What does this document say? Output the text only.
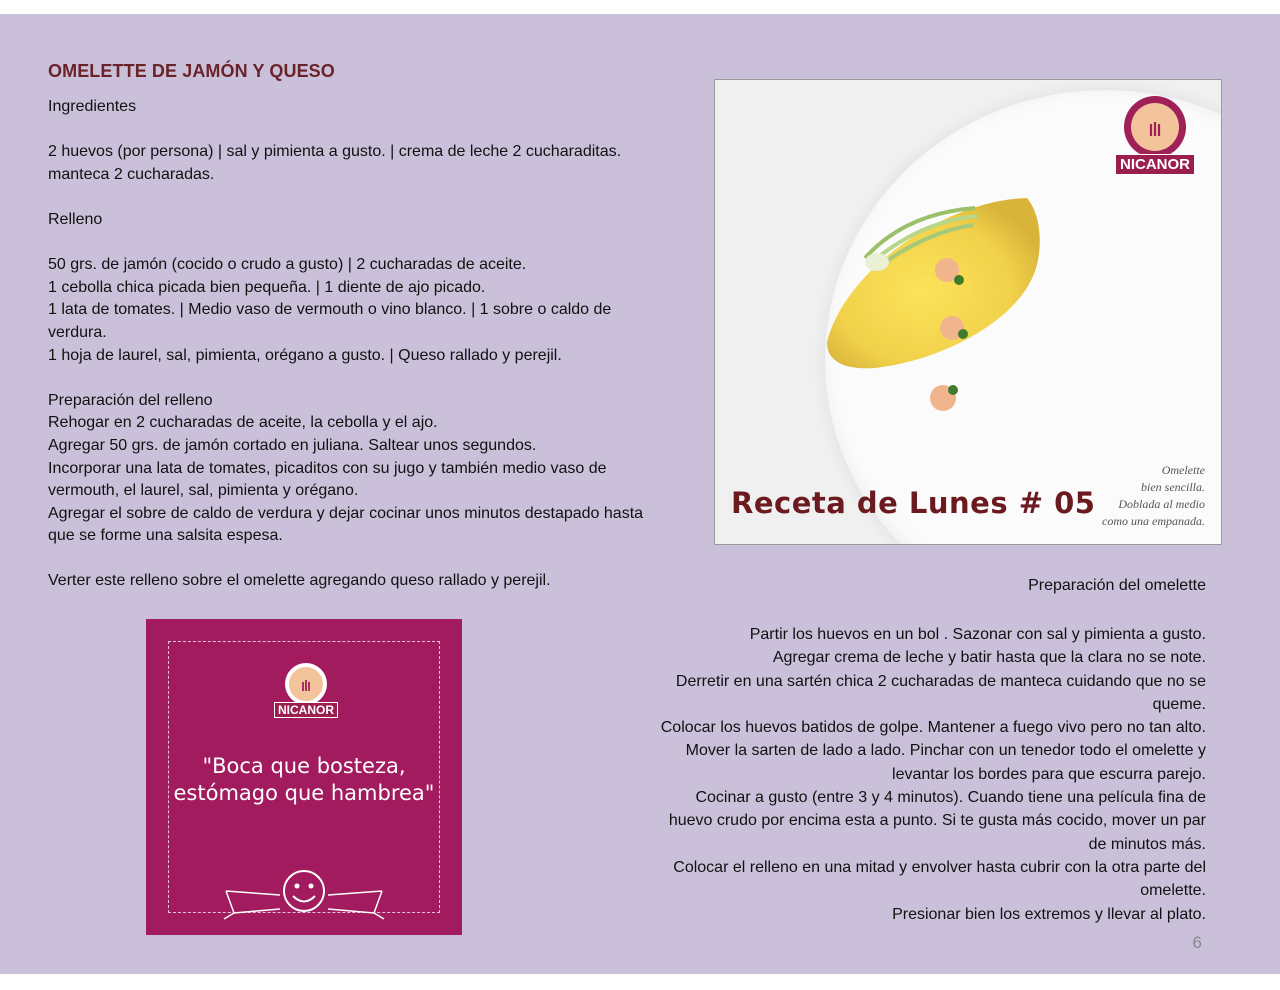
OMELETTE DE JAMÓN Y QUESO

Ingredientes

2 huevos (por persona) | sal y pimienta a gusto. | crema de leche 2 cucharaditas.

manteca 2 cucharadas.

Relleno

50 grs. de jamón (cocido o crudo a gusto) | 2 cucharadas de aceite.

1 cebolla chica picada bien pequeña. | 1 diente de ajo picado.

1 lata de tomates. | Medio vaso de vermouth o vino blanco. | 1 sobre o caldo de

verdura.

1 hoja de laurel, sal, pimienta, orégano a gusto. | Queso rallado y perejil.

Preparación del relleno

Rehogar en 2 cucharadas de aceite, la cebolla y el ajo.

Agregar 50 grs. de jamón cortado en juliana. Saltear unos segundos.

Incorporar una lata de tomates, picaditos con su jugo y también medio vaso de

vermouth, el laurel, sal, pimienta y orégano.

Agregar el sobre de caldo de verdura y dejar cocinar unos minutos destapado hasta

que se forme una salsita espesa.

Verter este relleno sobre el omelette agregando queso rallado y perejil.

NICANOR
Omelette
bien sencilla.
Doblada al medio
como una empanada.
Receta de Lunes # 05
NICANOR
"Boca que bosteza,
estómago que hambrea"
Preparación del omelette

Partir los huevos en un bol . Sazonar con sal y pimienta a gusto.

Agregar crema de leche y batir hasta que la clara no se note.

Derretir en una sartén chica 2 cucharadas de manteca cuidando que no se

queme.

Colocar los huevos batidos de golpe. Mantener a fuego vivo pero no tan alto.

Mover la sarten de lado a lado. Pinchar con un tenedor todo el omelette y

levantar los bordes para que escurra parejo.

Cocinar a gusto (entre 3 y 4 minutos). Cuando tiene una película fina de

huevo crudo por encima esta a punto. Si te gusta más cocido, mover un par

de minutos más.

Colocar el relleno en una mitad y envolver hasta cubrir con la otra parte del

omelette.

Presionar bien los extremos y llevar al plato.

6
